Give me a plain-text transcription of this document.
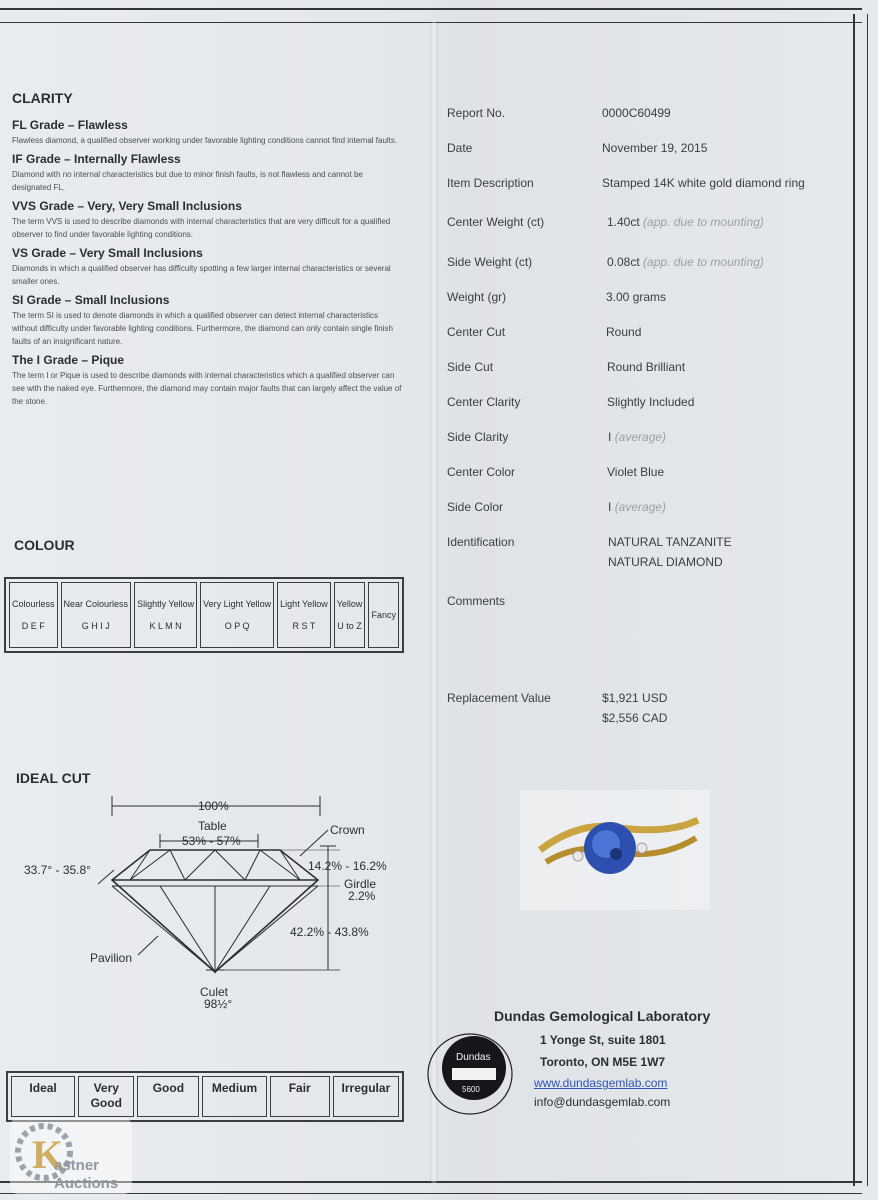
CLARITY
FL Grade – Flawless
Flawless diamond, a qualified observer working under favorable lighting conditions cannot find internal faults.
IF Grade – Internally Flawless
Diamond with no internal characteristics but due to minor finish faults, is not flawless and cannot be designated FL.
VVS Grade – Very, Very Small Inclusions
The term VVS is used to describe diamonds with internal characteristics that are very difficult for a qualified observer to find under favorable lighting conditions.
VS Grade – Very Small Inclusions
Diamonds in which a qualified observer has difficulty spotting a few larger internal characteristics or several smaller ones.
SI Grade – Small Inclusions
The term SI is used to denote diamonds in which a qualified observer can detect internal characteristics without difficulty under favorable lighting conditions. Furthermore, the diamond can only contain single finish faults of an insignificant nature.
The I Grade – Pique
The term I or Pique is used to describe diamonds with internal characteristics which a qualified observer can see with the naked eye. Furthermore, the diamond may contain major faults that can largely affect the value of the stone.
COLOUR
Colourless
D E F

Near Colourless
G H I J

Slightly Yellow
K L M N

Very Light Yellow
O P Q

Light Yellow
R S T

Yellow
U to Z

Fancy
IDEAL CUT
100%
Table
53% - 57%
Crown
33.7° - 35.8°	14.2% - 16.2%
Girdle
2.2%
42.2% - 43.8%
Pavilion
Culet
98½°
Ideal	Very Good	Good	Medium	Fair	Irregular
K
astner
Auctions
Report No.	0000C60499
Date	November 19, 2015
Item Description	Stamped 14K white gold diamond ring
Center Weight (ct)	1.40ct (app. due to mounting)
Side Weight (ct)	0.08ct (app. due to mounting)
Weight (gr)	3.00 grams
Center Cut	Round
Side Cut	Round Brilliant
Center Clarity	Slightly Included
Side Clarity	I (average)
Center Color	Violet Blue
Side Color	I (average)
Identification	NATURAL TANZANITE
NATURAL DIAMOND
Comments
Replacement Value	$1,921 USD
$2,556 CAD
Dundas
5600
Dundas Gemological Laboratory
1 Yonge St, suite 1801
Toronto, ON M5E 1W7
www.dundasgemlab.com
info@dundasgemlab.com
